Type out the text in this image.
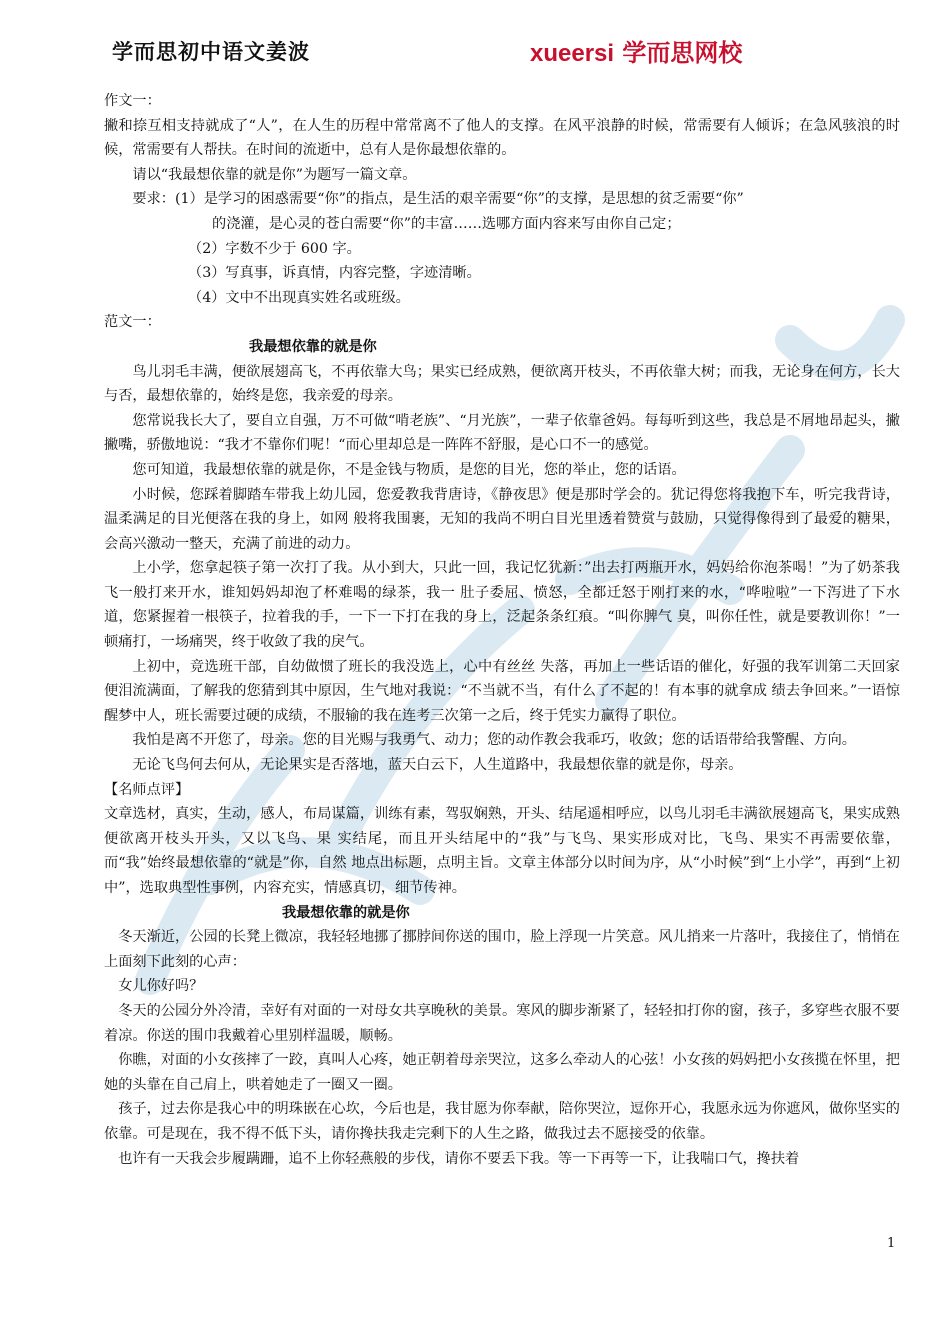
学而思初中语文姜波	xueersi 学而思网校

作文一：

撇和捺互相支持就成了“人”，在人生的历程中常常离不了他人的支撑。在风平浪静的时候，常需要有人倾诉；在急风骇浪的时候，常需要有人帮扶。在时间的流逝中，总有人是你最想依靠的。

请以“我最想依靠的就是你”为题写一篇文章。

要求：(1）是学习的困惑需要“你”的指点，是生活的艰辛需要“你”的支撑，是思想的贫乏需要“你”

的浇灌，是心灵的苍白需要“你”的丰富……选哪方面内容来写由你自己定；

（2）字数不少于 600 字。

（3）写真事，诉真情，内容完整，字迹清晰。

（4）文中不出现真实姓名或班级。

范文一：

我最想依靠的就是你

鸟儿羽毛丰满，便欲展翅高飞，不再依靠大鸟；果实已经成熟，便欲离开枝头，不再依靠大树；而我，无论身在何方，长大与否，最想依靠的，始终是您，我亲爱的母亲。

您常说我长大了，要自立自强，万不可做“啃老族”、“月光族”，一辈子依靠爸妈。每每听到这些，我总是不屑地昂起头，撇撇嘴，骄傲地说：“我才不靠你们呢！“而心里却总是一阵阵不舒服，是心口不一的感觉。

您可知道，我最想依靠的就是你，不是金钱与物质，是您的目光，您的举止，您的话语。

小时候，您踩着脚踏车带我上幼儿园，您爱教我背唐诗，《静夜思》便是那时学会的。犹记得您将我抱下车，听完我背诗，温柔满足的目光便落在我的身上，如网 般将我围裹，无知的我尚不明白目光里透着赞赏与鼓励，只觉得像得到了最爱的糖果，会高兴激动一整天，充满了前进的动力。

上小学，您拿起筷子第一次打了我。从小到大，只此一回，我记忆犹新：”出去打两瓶开水，妈妈给你泡茶喝！”为了奶茶我飞一般打来开水，谁知妈妈却泡了杯难喝的绿茶，我一 肚子委屈、愤怒，全都迁怒于刚打来的水，“哗啦啦”一下泻进了下水道，您紧握着一根筷子，拉着我的手，一下一下打在我的身上，泛起条条红痕。“叫你脾气 臭，叫你任性，就是要教训你！”一顿痛打，一场痛哭，终于收敛了我的戾气。

上初中，竞选班干部，自幼做惯了班长的我没选上，心中有丝丝 失落，再加上一些话语的催化，好强的我军训第二天回家便泪流满面，了解我的您猜到其中原因，生气地对我说：“不当就不当，有什么了不起的！有本事的就拿成 绩去争回来。”一语惊醒梦中人，班长需要过硬的成绩，不服输的我在连考三次第一之后，终于凭实力赢得了职位。

我怕是离不开您了，母亲。您的目光赐与我勇气、动力；您的动作教会我乖巧，收敛；您的话语带给我警醒、方向。

无论飞鸟何去何从，无论果实是否落地，蓝天白云下，人生道路中，我最想依靠的就是你，母亲。

【名师点评】

文章选材，真实，生动，感人，布局谋篇，训练有素，驾驭娴熟，开头、结尾遥相呼应，以鸟儿羽毛丰满欲展翅高飞，果实成熟便欲离开枝头开头，又以飞鸟、果 实结尾，而且开头结尾中的“我”与飞鸟、果实形成对比，飞鸟、果实不再需要依靠，而“我”始终最想依靠的“就是”你，自然 地点出标题，点明主旨。文章主体部分以时间为序，从“小时候”到“上小学”，再到“上初中”，选取典型性事例，内容充实，情感真切，细节传神。

我最想依靠的就是你

冬天渐近，公园的长凳上微凉，我轻轻地挪了挪脖间你送的围巾，脸上浮现一片笑意。风儿捎来一片落叶，我接住了，悄悄在上面刻下此刻的心声：

女儿你好吗？

冬天的公园分外冷清，幸好有对面的一对母女共享晚秋的美景。寒风的脚步渐紧了，轻轻扣打你的窗，孩子，多穿些衣服不要着凉。你送的围巾我戴着心里别样温暖，顺畅。

你瞧，对面的小女孩摔了一跤，真叫人心疼，她正朝着母亲哭泣，这多么牵动人的心弦！小女孩的妈妈把小女孩揽在怀里，把她的头靠在自己肩上，哄着她走了一圈又一圈。

孩子，过去你是我心中的明珠嵌在心坎，今后也是，我甘愿为你奉献，陪你哭泣，逗你开心，我愿永远为你遮风，做你坚实的依靠。可是现在，我不得不低下头，请你搀扶我走完剩下的人生之路，做我过去不愿接受的依靠。

也许有一天我会步履蹒跚，追不上你轻燕般的步伐，请你不要丢下我。等一下再等一下，让我喘口气，搀扶着

1
